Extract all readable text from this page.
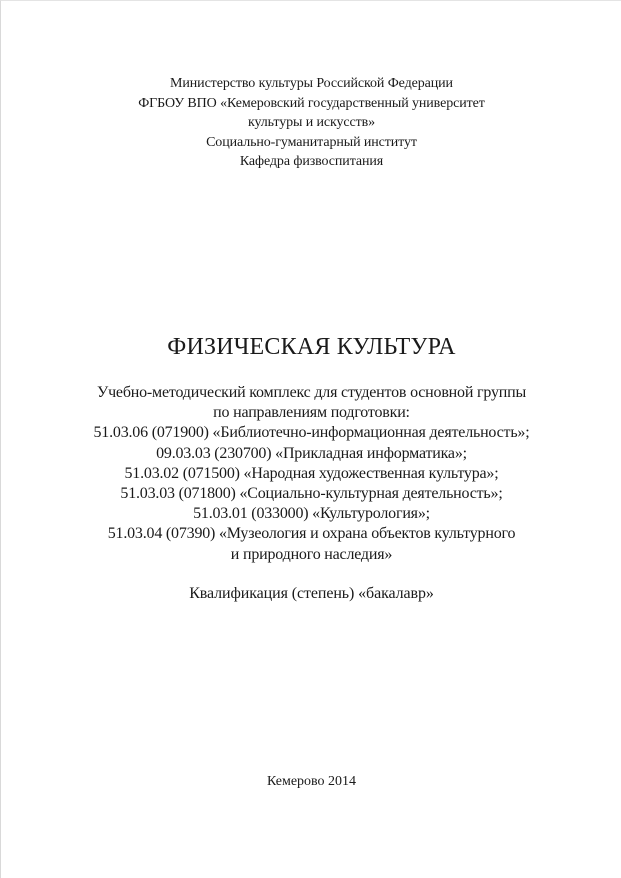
Министерство культуры Российской Федерации
ФГБОУ ВПО «Кемеровский государственный университет
культуры и искусств»
Социально-гуманитарный институт
Кафедра физвоспитания
ФИЗИЧЕСКАЯ КУЛЬТУРА
Учебно-методический комплекс для студентов основной группы
по направлениям подготовки:
51.03.06 (071900) «Библиотечно-информационная деятельность»;
09.03.03 (230700) «Прикладная информатика»;
51.03.02 (071500) «Народная художественная культура»;
51.03.03 (071800) «Социально-культурная деятельность»;
51.03.01 (033000) «Культурология»;
51.03.04 (07390) «Музеология и охрана объектов культурного
и природного наследия»
Квалификация (степень) «бакалавр»
Кемерово 2014
